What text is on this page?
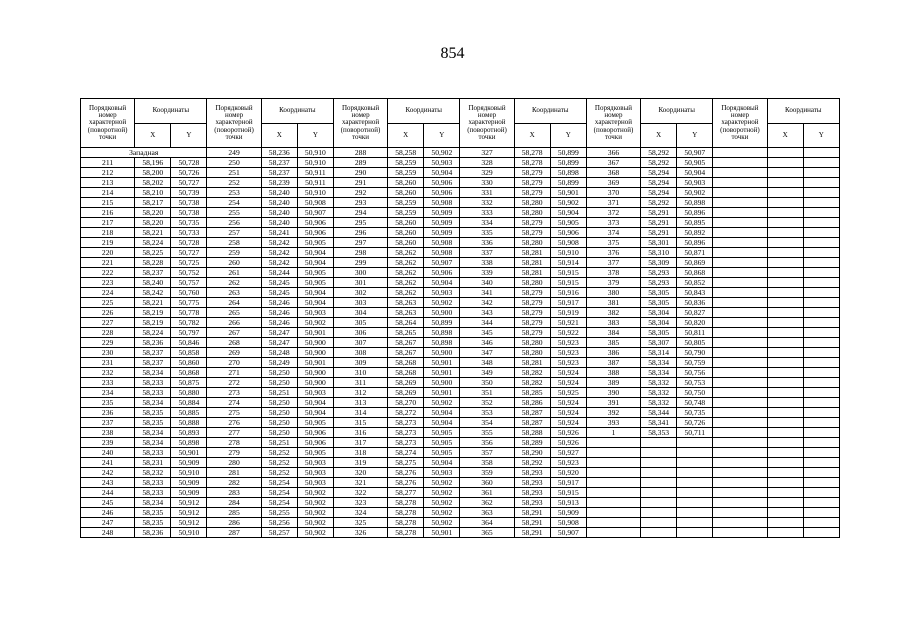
854
Порядковый номер характерной (поворотной) точки	Координаты		Порядковый номер характерной (поворотной) точки	Координаты		Порядковый номер характерной (поворотной) точки	Координаты		Порядковый номер характерной (поворотной) точки	Координаты		Порядковый номер характерной (поворотной) точки	Координаты		Порядковый номер характерной (поворотной) точки	Координаты	
	X	Y		X	Y		X	Y		X	Y		X	Y		X	Y
Западная			249	58,236	50,910	288	58,258	50,902	327	58,278	50,899	366	58,292	50,907			
211	58,196	50,728	250	58,237	50,910	289	58,259	50,903	328	58,278	50,899	367	58,292	50,905			
212	58,200	50,726	251	58,237	50,911	290	58,259	50,904	329	58,279	50,898	368	58,294	50,904			
213	58,202	50,727	252	58,239	50,911	291	58,260	50,906	330	58,279	50,899	369	58,294	50,903			
214	58,210	50,739	253	58,240	50,910	292	58,260	50,906	331	58,279	50,901	370	58,294	50,902			
215	58,217	50,738	254	58,240	50,908	293	58,259	50,908	332	58,280	50,902	371	58,292	50,898			
216	58,220	50,738	255	58,240	50,907	294	58,259	50,909	333	58,280	50,904	372	58,291	50,896			
217	58,220	50,735	256	58,240	50,906	295	58,260	50,909	334	58,279	50,905	373	58,291	50,895			
218	58,221	50,733	257	58,241	50,906	296	58,260	50,909	335	58,279	50,906	374	58,291	50,892			
219	58,224	50,728	258	58,242	50,905	297	58,260	50,908	336	58,280	50,908	375	58,301	50,896			
220	58,225	50,727	259	58,242	50,904	298	58,262	50,908	337	58,281	50,910	376	58,310	50,871			
221	58,228	50,725	260	58,242	50,904	299	58,262	50,907	338	58,281	50,914	377	58,309	50,869			
222	58,237	50,752	261	58,244	50,905	300	58,262	50,906	339	58,281	50,915	378	58,293	50,868			
223	58,240	50,757	262	58,245	50,905	301	58,262	50,904	340	58,280	50,915	379	58,293	50,852			
224	58,242	50,760	263	58,245	50,904	302	58,262	50,903	341	58,279	50,916	380	58,305	50,843			
225	58,221	50,775	264	58,246	50,904	303	58,263	50,902	342	58,279	50,917	381	58,305	50,836			
226	58,219	50,778	265	58,246	50,903	304	58,263	50,900	343	58,279	50,919	382	58,304	50,827			
227	58,219	50,782	266	58,246	50,902	305	58,264	50,899	344	58,279	50,921	383	58,304	50,820			
228	58,224	50,797	267	58,247	50,901	306	58,265	50,898	345	58,279	50,922	384	58,305	50,811			
229	58,236	50,846	268	58,247	50,900	307	58,267	50,898	346	58,280	50,923	385	58,307	50,805			
230	58,237	50,858	269	58,248	50,900	308	58,267	50,900	347	58,280	50,923	386	58,314	50,790			
231	58,237	50,860	270	58,249	50,901	309	58,268	50,901	348	58,281	50,923	387	58,334	50,759			
232	58,234	50,868	271	58,250	50,900	310	58,268	50,901	349	58,282	50,924	388	58,334	50,756			
233	58,233	50,875	272	58,250	50,900	311	58,269	50,900	350	58,282	50,924	389	58,332	50,753			
234	58,233	50,880	273	58,251	50,903	312	58,269	50,901	351	58,285	50,925	390	58,332	50,750			
235	58,234	50,884	274	58,250	50,904	313	58,270	50,902	352	58,286	50,924	391	58,332	50,748			
236	58,235	50,885	275	58,250	50,904	314	58,272	50,904	353	58,287	50,924	392	58,344	50,735			
237	58,235	50,888	276	58,250	50,905	315	58,273	50,904	354	58,287	50,924	393	58,341	50,726			
238	58,234	50,893	277	58,250	50,906	316	58,273	50,905	355	58,288	50,926	1	58,353	50,711			
239	58,234	50,898	278	58,251	50,906	317	58,273	50,905	356	58,289	50,926						
240	58,233	50,901	279	58,252	50,905	318	58,274	50,905	357	58,290	50,927						
241	58,231	50,909	280	58,252	50,903	319	58,275	50,904	358	58,292	50,923						
242	58,232	50,910	281	58,252	50,903	320	58,276	50,903	359	58,293	50,920						
243	58,233	50,909	282	58,254	50,903	321	58,276	50,902	360	58,293	50,917						
244	58,233	50,909	283	58,254	50,902	322	58,277	50,902	361	58,293	50,915						
245	58,234	50,912	284	58,254	50,902	323	58,278	50,902	362	58,293	50,913						
246	58,235	50,912	285	58,255	50,902	324	58,278	50,902	363	58,291	50,909						
247	58,235	50,912	286	58,256	50,902	325	58,278	50,902	364	58,291	50,908						
248	58,236	50,910	287	58,257	50,902	326	58,278	50,901	365	58,291	50,907						
